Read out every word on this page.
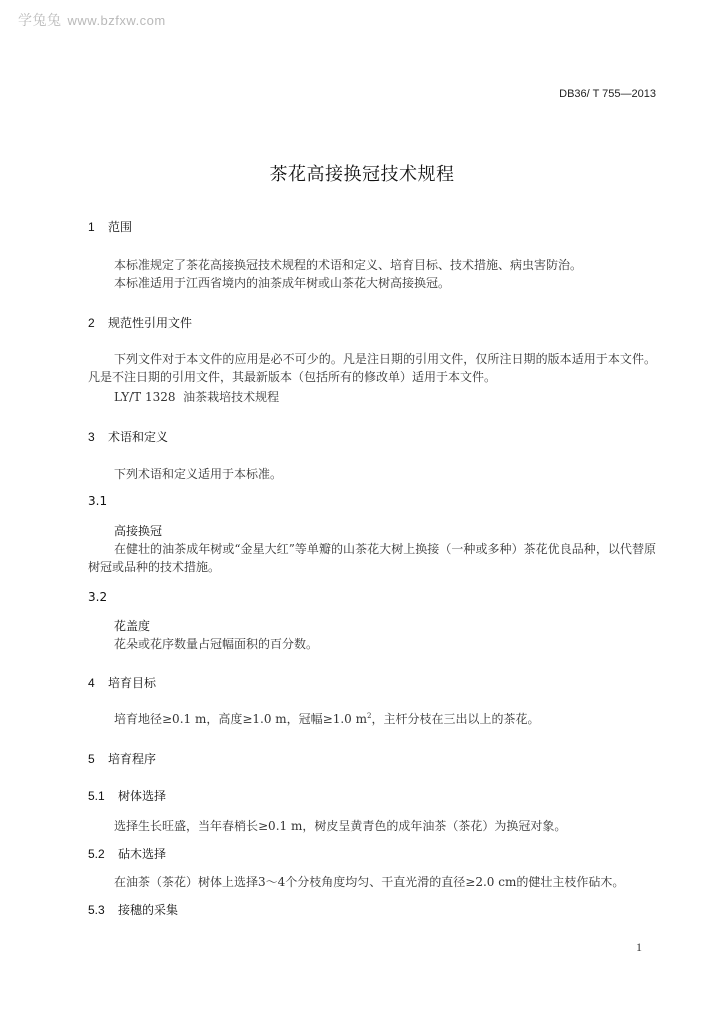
学兔兔 www.bzfxw.com
DB36/ T 755—2013
茶花高接换冠技术规程
1 范围
本标准规定了茶花高接换冠技术规程的术语和定义、培育目标、技术措施、病虫害防治。
本标准适用于江西省境内的油茶成年树或山茶花大树高接换冠。
2 规范性引用文件
下列文件对于本文件的应用是必不可少的。凡是注日期的引用文件，仅所注日期的版本适用于本文件。凡是不注日期的引用文件，其最新版本（包括所有的修改单）适用于本文件。
LY/T 1328  油茶栽培技术规程
3 术语和定义
下列术语和定义适用于本标准。
3.1
高接换冠
在健壮的油茶成年树或“金星大红”等单瓣的山茶花大树上换接（一种或多种）茶花优良品种，以代替原树冠或品种的技术措施。
3.2
花盖度
花朵或花序数量占冠幅面积的百分数。
4 培育目标
培育地径≥0.1 m，高度≥1.0 m，冠幅≥1.0 $m^2$，主杆分枝在三出以上的茶花。
5 培育程序
5.1 树体选择
选择生长旺盛，当年春梢长≥0.1 m，树皮呈黄青色的成年油茶（茶花）为换冠对象。
5.2 砧木选择
在油茶（茶花）树体上选择3～4个分枝角度均匀、干直光滑的直径≥2.0 cm的健壮主枝作砧木。
5.3 接穗的采集
1
